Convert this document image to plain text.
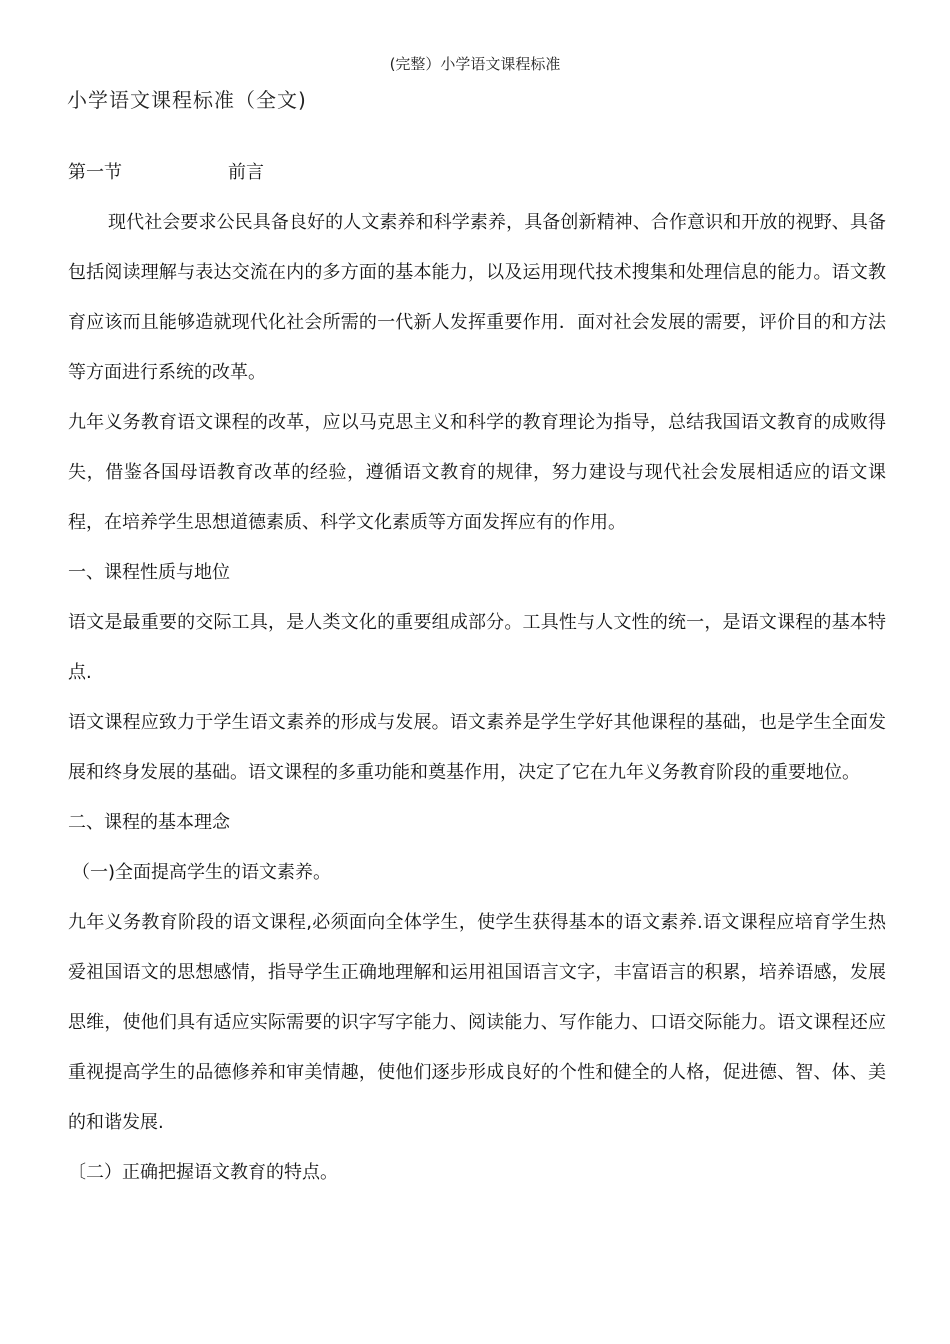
(完整）小学语文课程标准
小学语文课程标准（全文)
第一节	前言

现代社会要求公民具备良好的人文素养和科学素养，具备创新精神、合作意识和开放的视野、具备包括阅读理解与表达交流在内的多方面的基本能力，以及运用现代技术搜集和处理信息的能力。语文教育应该而且能够造就现代化社会所需的一代新人发挥重要作用．面对社会发展的需要，评价目的和方法等方面进行系统的改革。

九年义务教育语文课程的改革，应以马克思主义和科学的教育理论为指导，总结我国语文教育的成败得失，借鉴各国母语教育改革的经验，遵循语文教育的规律，努力建设与现代社会发展相适应的语文课程，在培养学生思想道德素质、科学文化素质等方面发挥应有的作用。

一、课程性质与地位

语文是最重要的交际工具，是人类文化的重要组成部分。工具性与人文性的统一，是语文课程的基本特点.

语文课程应致力于学生语文素养的形成与发展。语文素养是学生学好其他课程的基础，也是学生全面发展和终身发展的基础。语文课程的多重功能和奠基作用，决定了它在九年义务教育阶段的重要地位。

二、课程的基本理念

（一)全面提高学生的语文素养。

九年义务教育阶段的语文课程,必须面向全体学生，使学生获得基本的语文素养.语文课程应培育学生热爱祖国语文的思想感情，指导学生正确地理解和运用祖国语言文字，丰富语言的积累，培养语感，发展思维，使他们具有适应实际需要的识字写字能力、阅读能力、写作能力、口语交际能力。语文课程还应重视提高学生的品德修养和审美情趣，使他们逐步形成良好的个性和健全的人格，促进德、智、体、美的和谐发展.

〔二）正确把握语文教育的特点。
